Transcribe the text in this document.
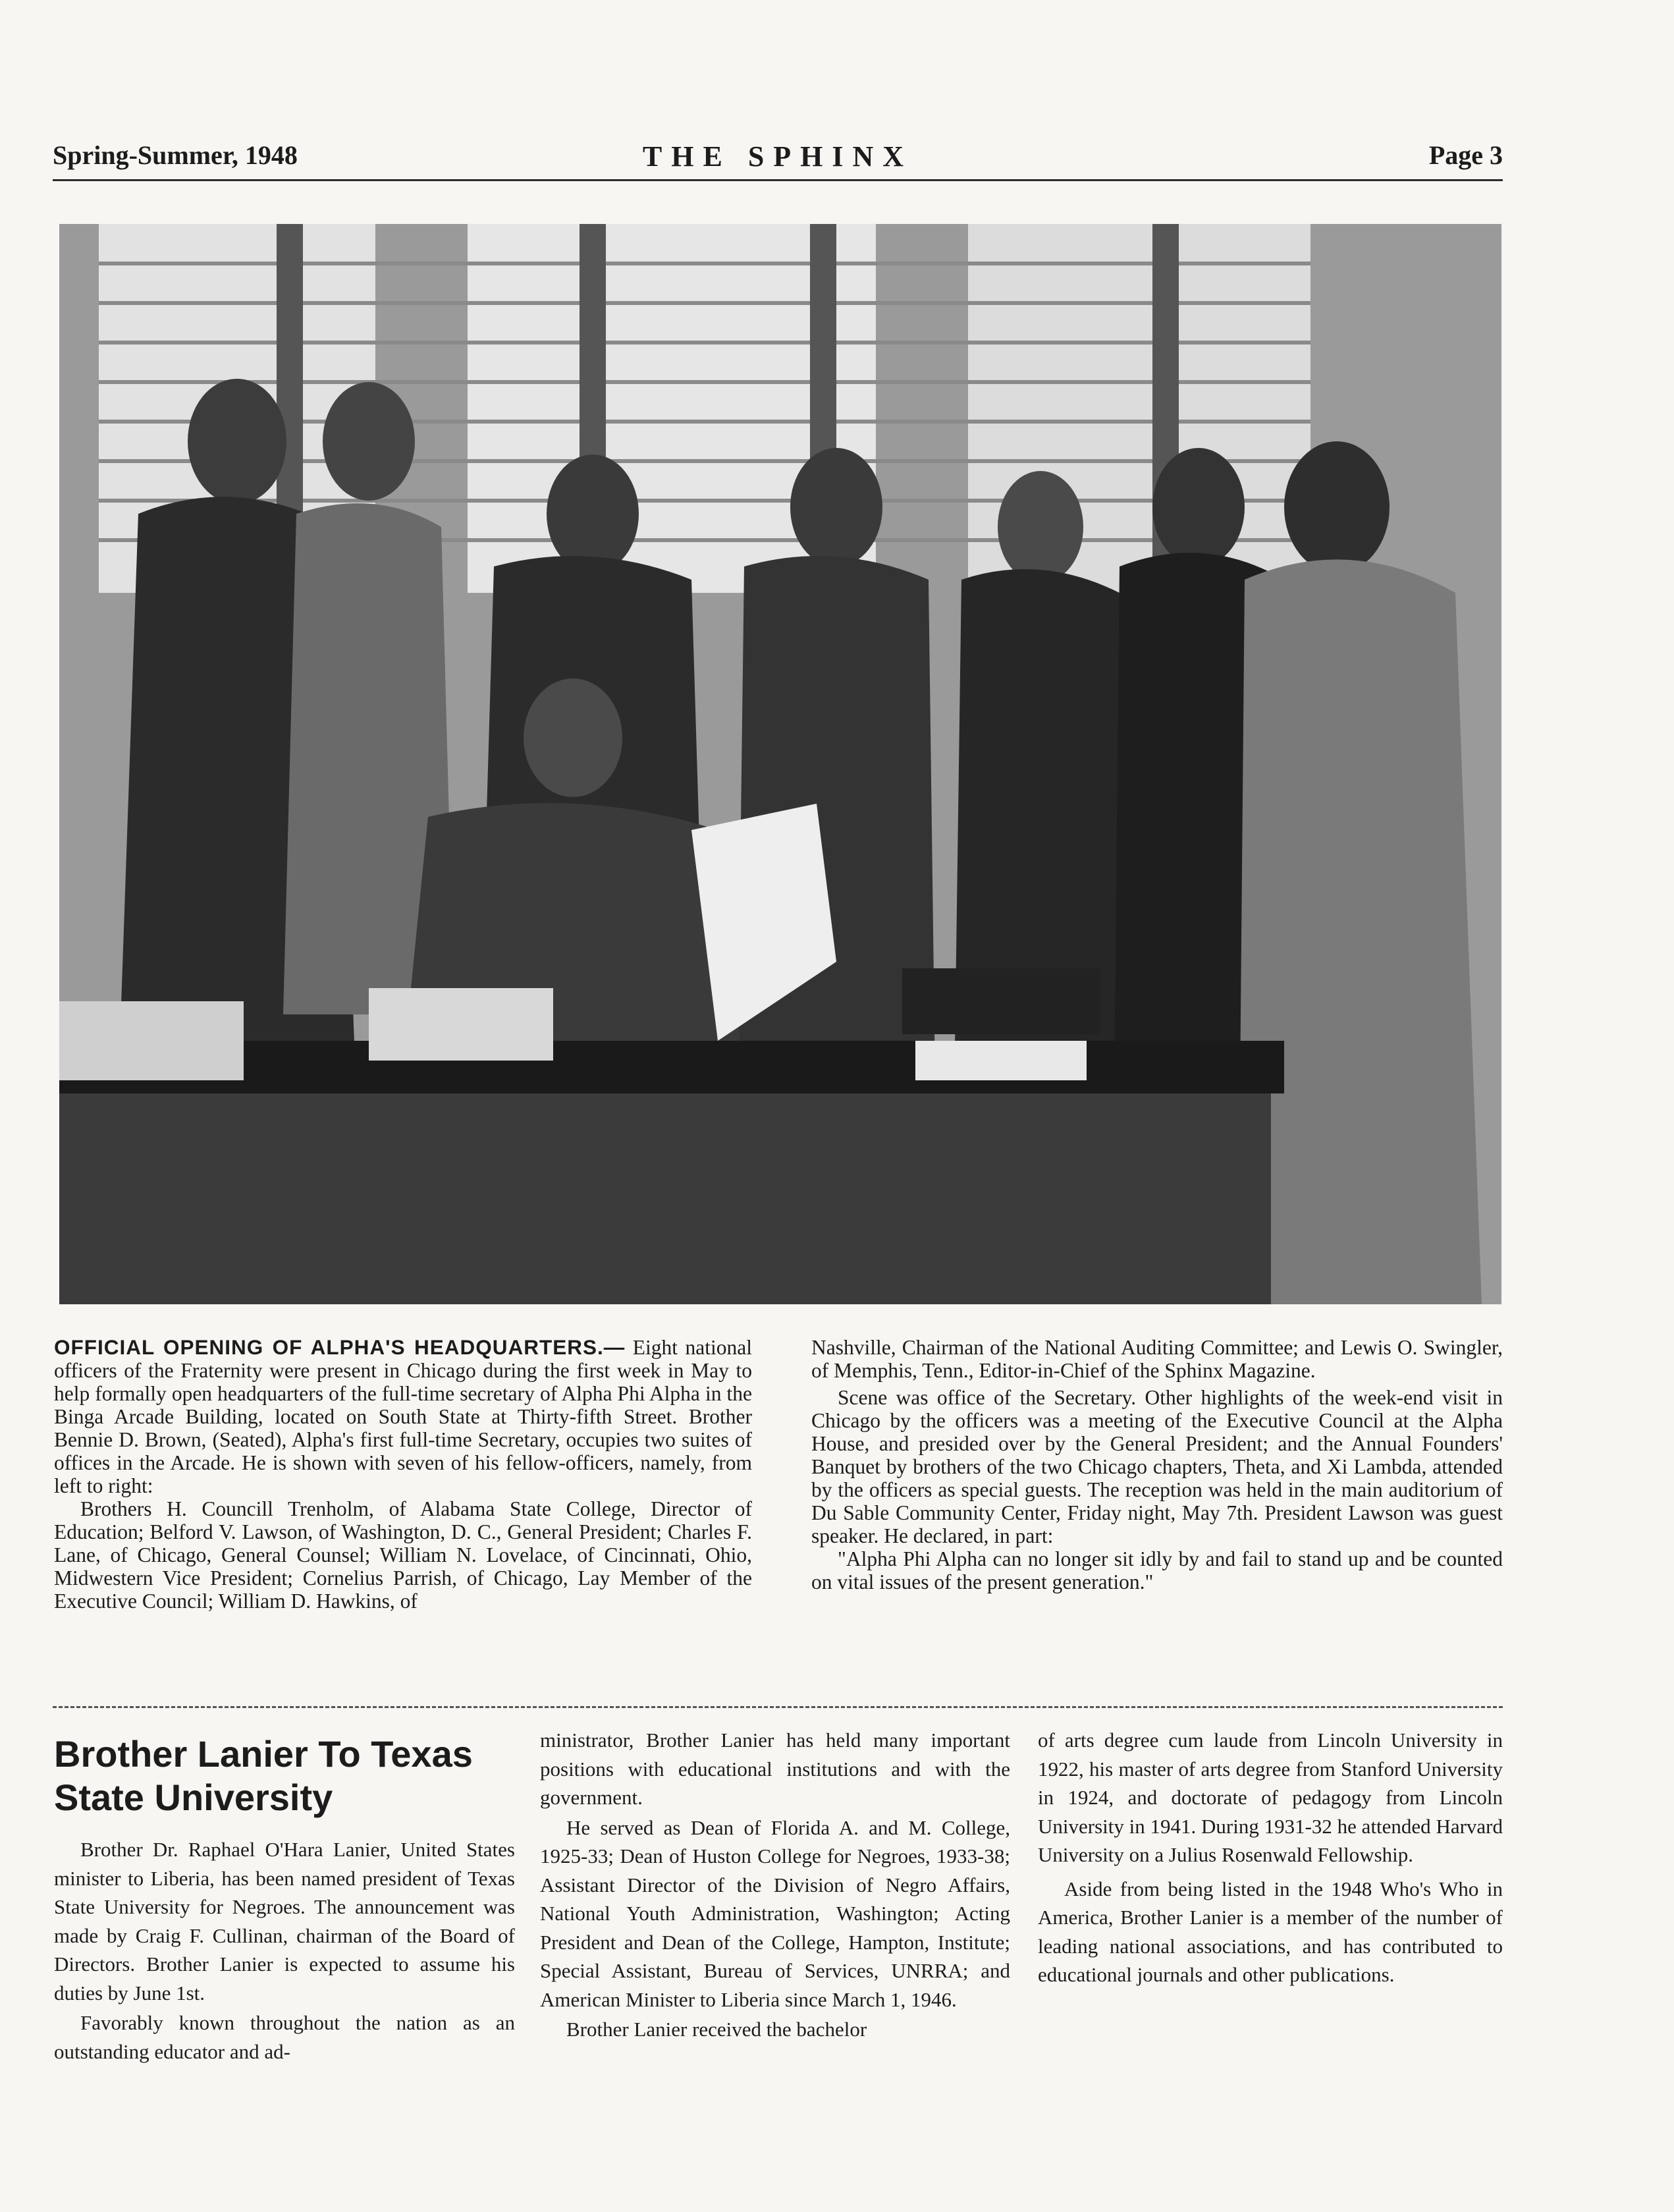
Spring-Summer, 1948	THE SPHINX	Page 3

OFFICIAL OPENING OF ALPHA'S HEADQUARTERS.— Eight national officers of the Fraternity were present in Chicago during the first week in May to help formally open headquarters of the full-time secretary of Alpha Phi Alpha in the Binga Arcade Building, located on South State at Thirty-fifth Street. Brother Bennie D. Brown, (Seated), Alpha's first full-time Secretary, occupies two suites of offices in the Arcade. He is shown with seven of his fellow-officers, namely, from left to right:

Brothers H. Councill Trenholm, of Alabama State College, Director of Education; Belford V. Lawson, of Washington, D. C., General President; Charles F. Lane, of Chicago, General Counsel; William N. Lovelace, of Cincinnati, Ohio, Midwestern Vice President; Cornelius Parrish, of Chicago, Lay Member of the Executive Council; William D. Hawkins, of

Nashville, Chairman of the National Auditing Committee; and Lewis O. Swingler, of Memphis, Tenn., Editor-in-Chief of the Sphinx Magazine.

Scene was office of the Secretary. Other highlights of the week-end visit in Chicago by the officers was a meeting of the Executive Council at the Alpha House, and presided over by the General President; and the Annual Founders' Banquet by brothers of the two Chicago chapters, Theta, and Xi Lambda, attended by the officers as special guests. The reception was held in the main auditorium of Du Sable Community Center, Friday night, May 7th. President Lawson was guest speaker. He declared, in part:

"Alpha Phi Alpha can no longer sit idly by and fail to stand up and be counted on vital issues of the present generation."

Brother Lanier To Texas State University

Brother Dr. Raphael O'Hara Lanier, United States minister to Liberia, has been named president of Texas State University for Negroes. The announcement was made by Craig F. Cullinan, chairman of the Board of Directors. Brother Lanier is expected to assume his duties by June 1st.

Favorably known throughout the nation as an outstanding educator and ad-

ministrator, Brother Lanier has held many important positions with educational institutions and with the government.

He served as Dean of Florida A. and M. College, 1925-33; Dean of Huston College for Negroes, 1933-38; Assistant Director of the Division of Negro Affairs, National Youth Administration, Washington; Acting President and Dean of the College, Hampton, Institute; Special Assistant, Bureau of Services, UNRRA; and American Minister to Liberia since March 1, 1946.

Brother Lanier received the bachelor

of arts degree cum laude from Lincoln University in 1922, his master of arts degree from Stanford University in 1924, and doctorate of pedagogy from Lincoln University in 1941. During 1931-32 he attended Harvard University on a Julius Rosenwald Fellowship.

Aside from being listed in the 1948 Who's Who in America, Brother Lanier is a member of the number of leading national associations, and has contributed to educational journals and other publications.
